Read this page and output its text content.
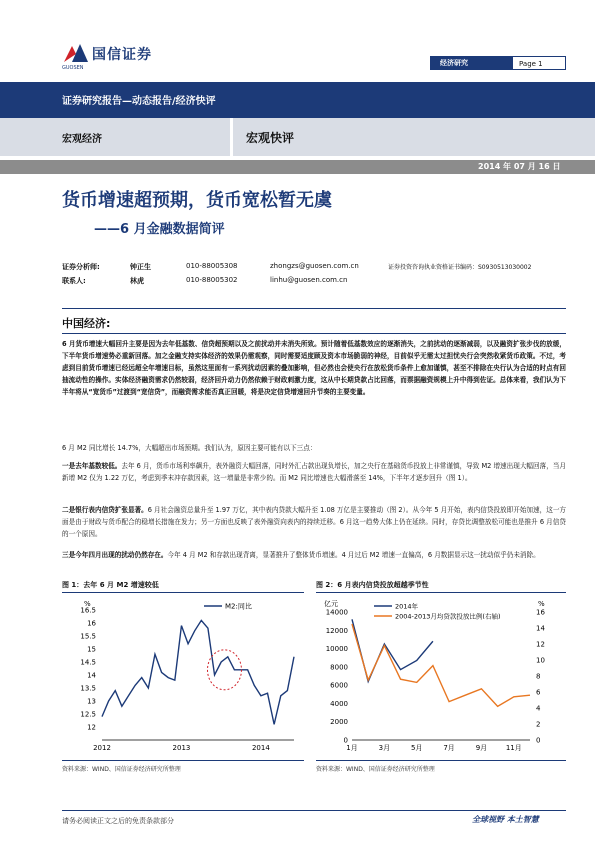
国信证券
GUOSEN
经济研究	Page 1
证券研究报告—动态报告/经济快评
宏观经济	宏观快评
2014 年 07 月 16 日
货币增速超预期，货币宽松暂无虞
——6 月金融数据简评
证券分析师:	钟正生	010-88005308	zhongzs@guosen.com.cn	证券投资咨询执业资格证书编码：S0930513030002
联系人:	林虎	010-88005302	linhu@guosen.com.cn
中国经济:
6 月货币增速大幅回升主要是因为去年低基数、信贷超预期以及之前扰动并未消失所致。预计随着低基数效应的逐渐消失，之前扰动的逐渐减弱，以及融资扩张步伐的放缓，下半年货币增速势必重新回落。加之金融支持实体经济的效果仍需观察，同时需要适度顾及资本市场脆弱的神经，目前似乎无需太过担忧央行会突然收紧货币政策。不过，考虑到目前货币增速已经远超全年增速目标，虽然这里面有一系列扰动因素的叠加影响，但必然也会使央行在放松货币条件上愈加谨慎，甚至不排除在央行认为合适的时点有回抽流动性的操作。实体经济融资需求仍然较弱，经济回升动力仍然依赖于财政刺激力度，这从中长期贷款占比回落，而票据融资规模上升中得到佐证。总体来看，我们认为下半年将从“宽货币”过渡到“宽信贷”，而融资需求能否真正回暖，将是决定信贷增速回升节奏的主要变量。
6 月 M2 同比增长 14.7%，大幅超出市场预期。我们认为，原因主要可能有以下三点：
一是去年基数较低。去年 6 月，货币市场利率飙升，表外融资大幅回落，同时外汇占款出现负增长，加之央行在基础货币投放上非常谨慎，导致 M2 增速出现大幅回落，当月新增 M2 仅为 1.22 万亿，考虑到季末冲存款因素，这一增量是非常少的。而 M2 同比增速也大幅滑落至 14%，下半年才逐步回升（图 1）。
二是银行表内信贷扩张显著。6 月社会融资总量升至 1.97 万亿，其中表内贷款大幅升至 1.08 万亿是主要推动（图 2）。从今年 5 月开始，表内信贷投放即开始加速，这一方面是由于财政与货币配合的稳增长措施在发力；另一方面也反映了表外融资向表内的持续迁移。6 月这一趋势大体上仍在延续。同时，存贷比调整放松可能也是推升 6 月信贷的一个原因。
三是今年四月出现的扰动仍然存在。今年 4 月 M2 和存款出现背离，显著推升了整体货币增速。4 月过后 M2 增速一直偏高，6 月数据显示这一扰动似乎仍未消除。
图 1：去年 6 月 M2 增速较低
%
12
12.5
13
13.5
14
14.5
15
15.5
16
16.5
2012	2013	2014
M2:同比
资料来源：WIND、国信证券经济研究所整理
图 2：6 月表内信贷投放超越季节性
亿元	%
0
2000
4000
6000
8000
10000
12000
14000
0
2
4
6
8
10
12
14
16
1月	3月	5月	7月	9月	11月
2014年
2004-2013月均贷款投放比例(右轴)
资料来源：WIND、国信证券经济研究所整理
请务必阅读正文之后的免责条款部分	全球视野 本土智慧
